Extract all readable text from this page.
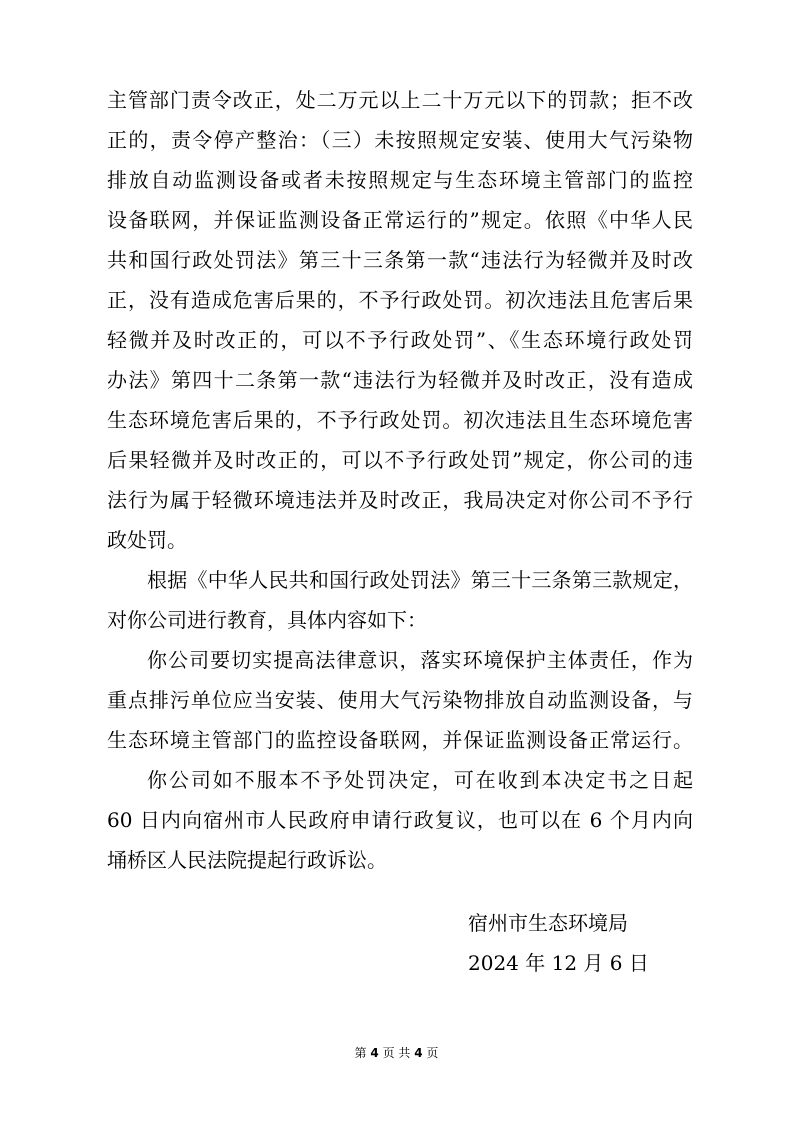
主管部门责令改正，处二万元以上二十万元以下的罚款；拒不改
正的，责令停产整治：（三）未按照规定安装、使用大气污染物
排放自动监测设备或者未按照规定与生态环境主管部门的监控
设备联网，并保证监测设备正常运行的”规定。依照《中华人民
共和国行政处罚法》第三十三条第一款“违法行为轻微并及时改
正，没有造成危害后果的，不予行政处罚。初次违法且危害后果
轻微并及时改正的，可以不予行政处罚”、《生态环境行政处罚
办法》第四十二条第一款“违法行为轻微并及时改正，没有造成
生态环境危害后果的，不予行政处罚。初次违法且生态环境危害
后果轻微并及时改正的，可以不予行政处罚”规定，你公司的违
法行为属于轻微环境违法并及时改正，我局决定对你公司不予行
政处罚。
根据《中华人民共和国行政处罚法》第三十三条第三款规定，
对你公司进行教育，具体内容如下：
你公司要切实提高法律意识，落实环境保护主体责任，作为
重点排污单位应当安装、使用大气污染物排放自动监测设备，与
生态环境主管部门的监控设备联网，并保证监测设备正常运行。
你公司如不服本不予处罚决定，可在收到本决定书之日起
60 日内向宿州市人民政府申请行政复议，也可以在 6 个月内向
埇桥区人民法院提起行政诉讼。
宿州市生态环境局
2024 年 12 月 6 日
第 4 页 共 4 页
